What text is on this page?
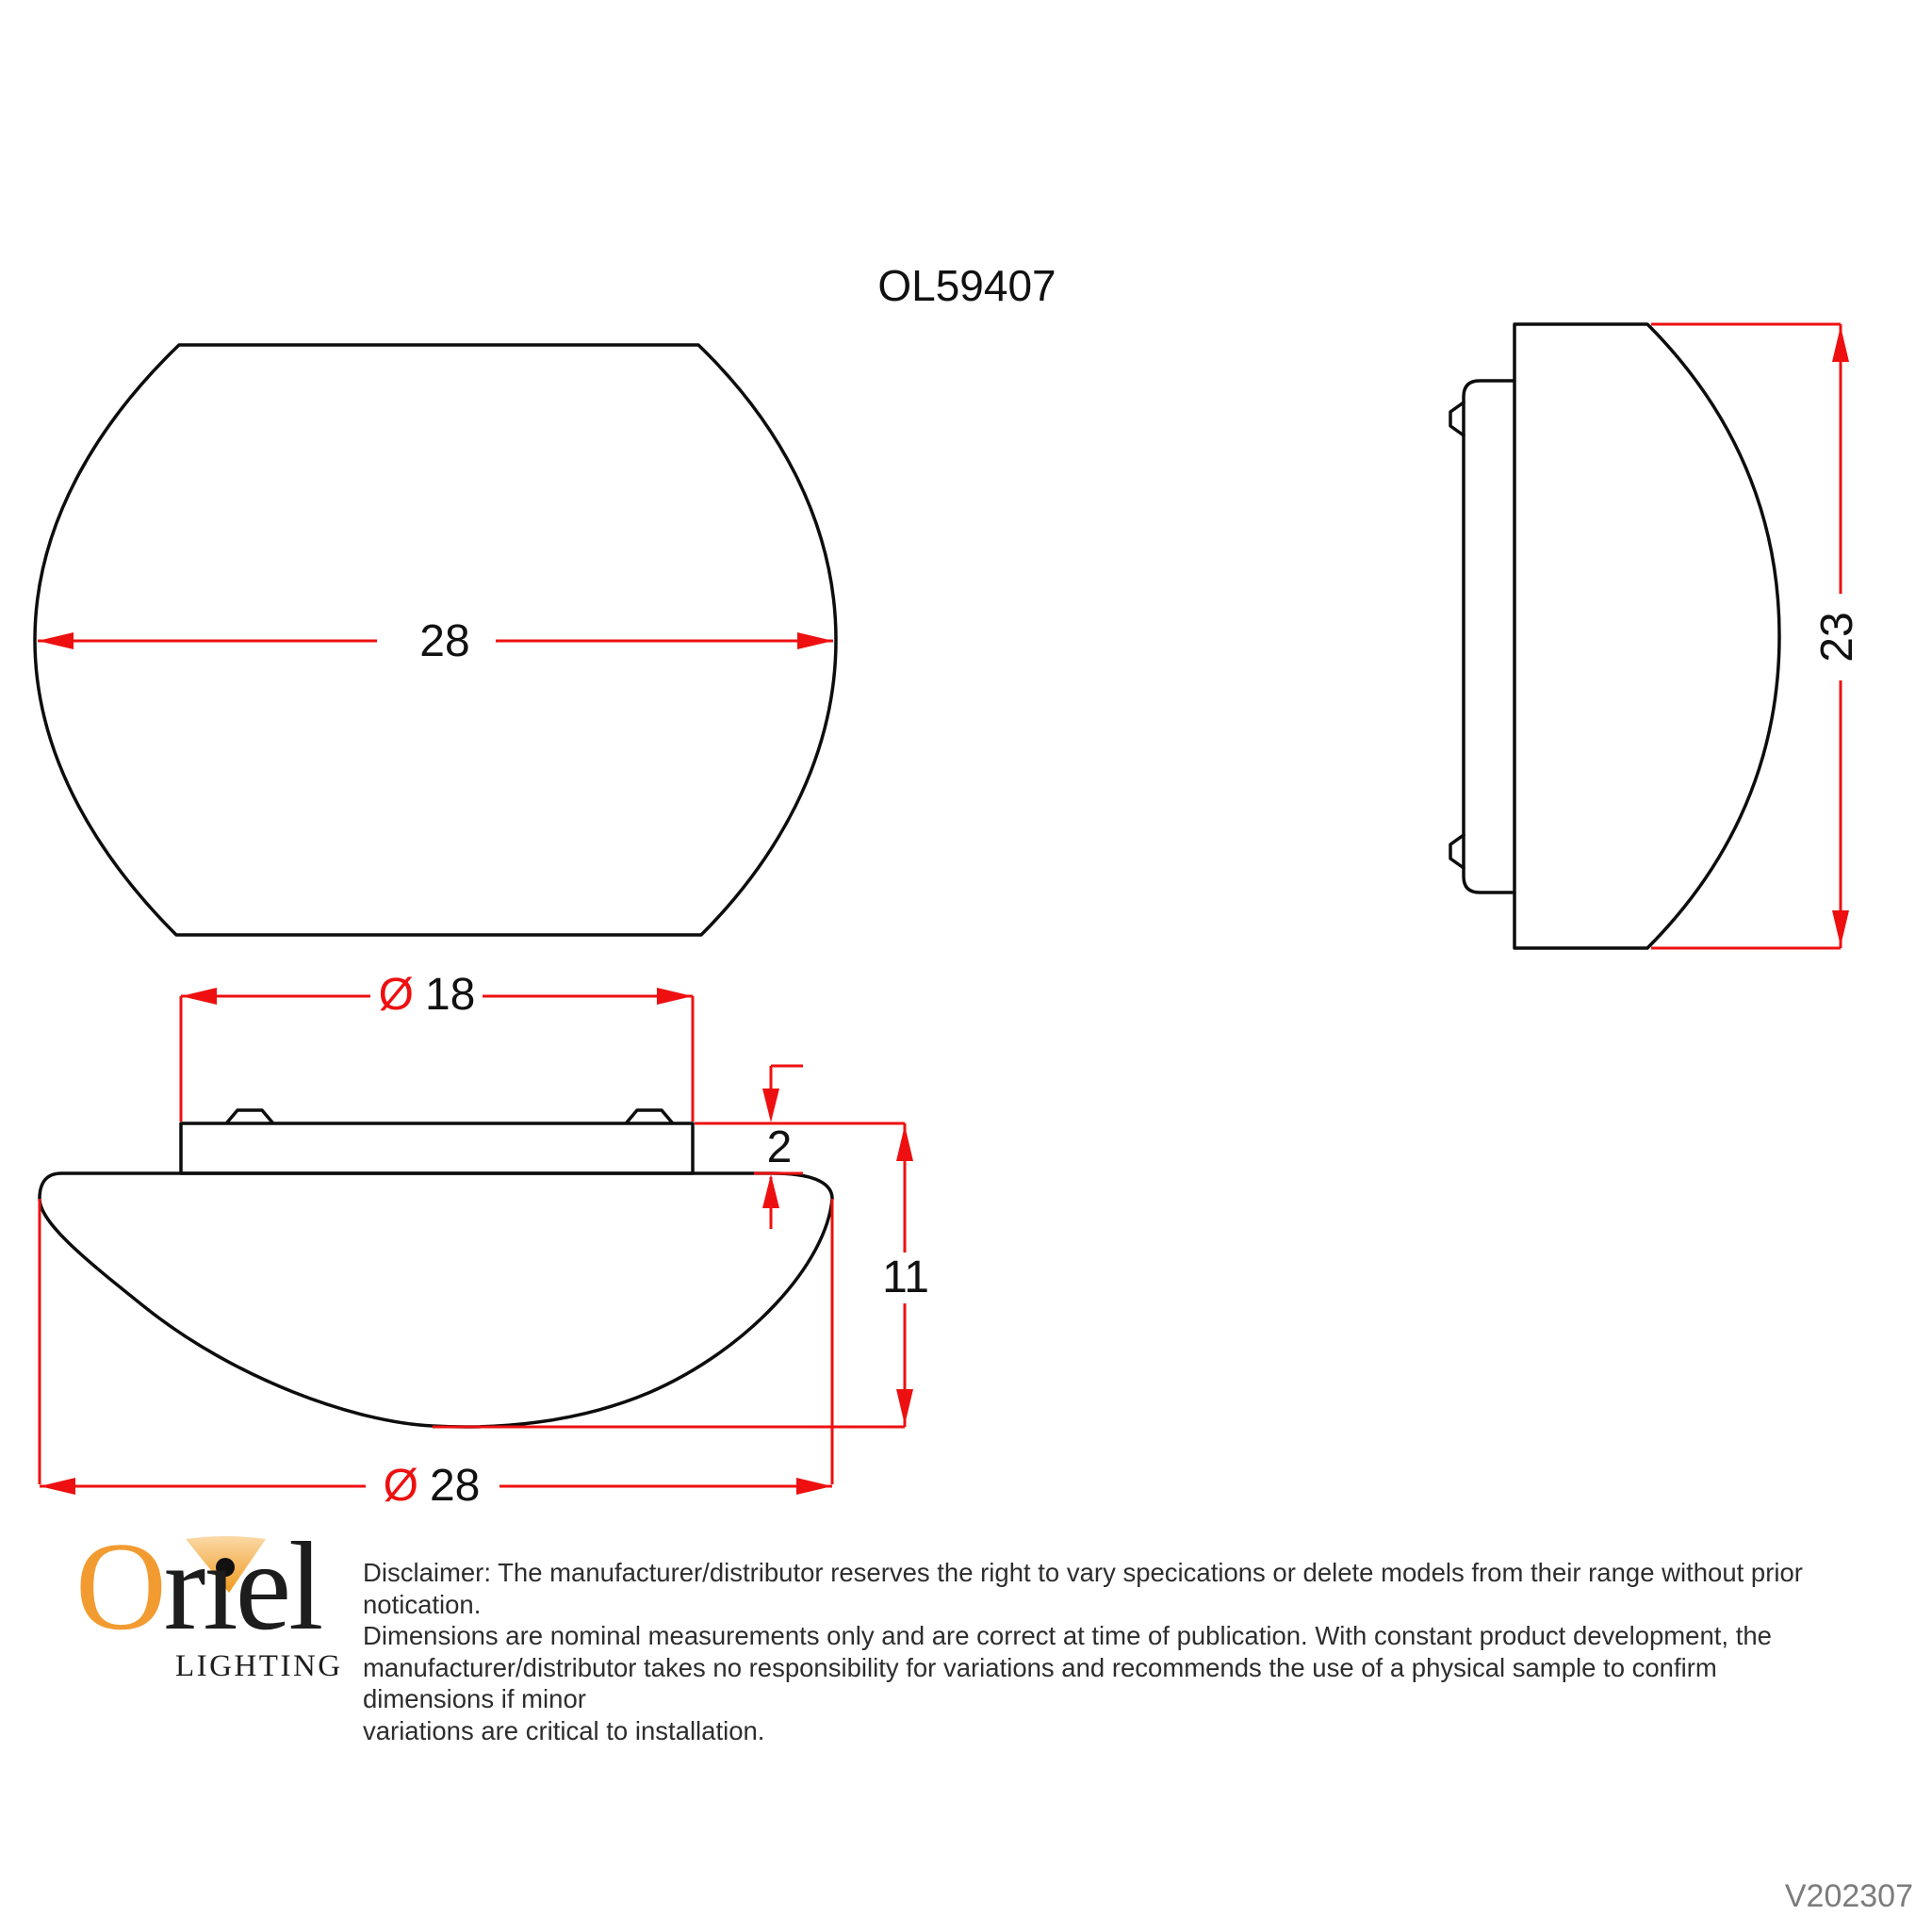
OL59407
28	23
Ø 18
2
11
Ø 28
Orıel
LIGHTING
Disclaimer: The manufacturer/distributor reserves the right to vary specications or delete models from their range without prior notication.
Dimensions are nominal measurements only and are correct at time of publication. With constant product development, the
manufacturer/distributor takes no responsibility for variations and recommends the use of a physical sample to confirm dimensions if minor
variations are critical to installation.
V202307
